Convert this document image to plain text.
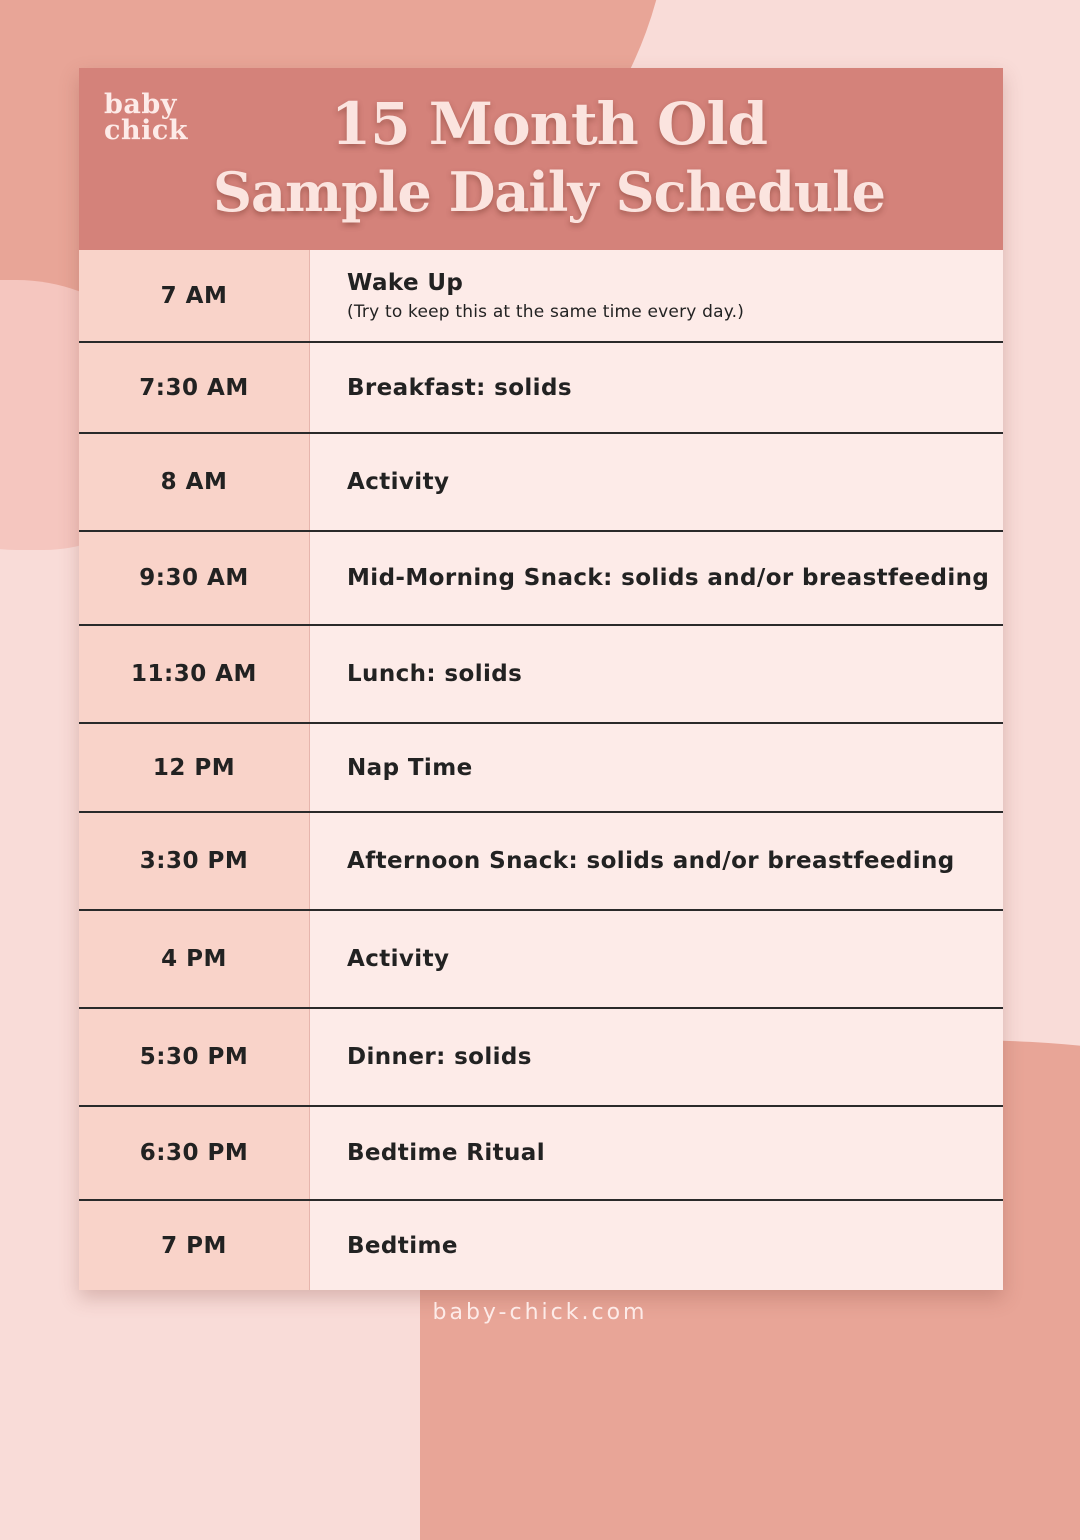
baby
chick	15 Month Old
Sample Daily Schedule
7 AM	Wake Up
(Try to keep this at the same time every day.)
7:30 AM	Breakfast: solids
8 AM	Activity
9:30 AM	Mid-Morning Snack: solids and/or breastfeeding
11:30 AM	Lunch: solids
12 PM	Nap Time
3:30 PM	Afternoon Snack: solids and/or breastfeeding
4 PM	Activity
5:30 PM	Dinner: solids
6:30 PM	Bedtime Ritual
7 PM	Bedtime
baby-chick.com
